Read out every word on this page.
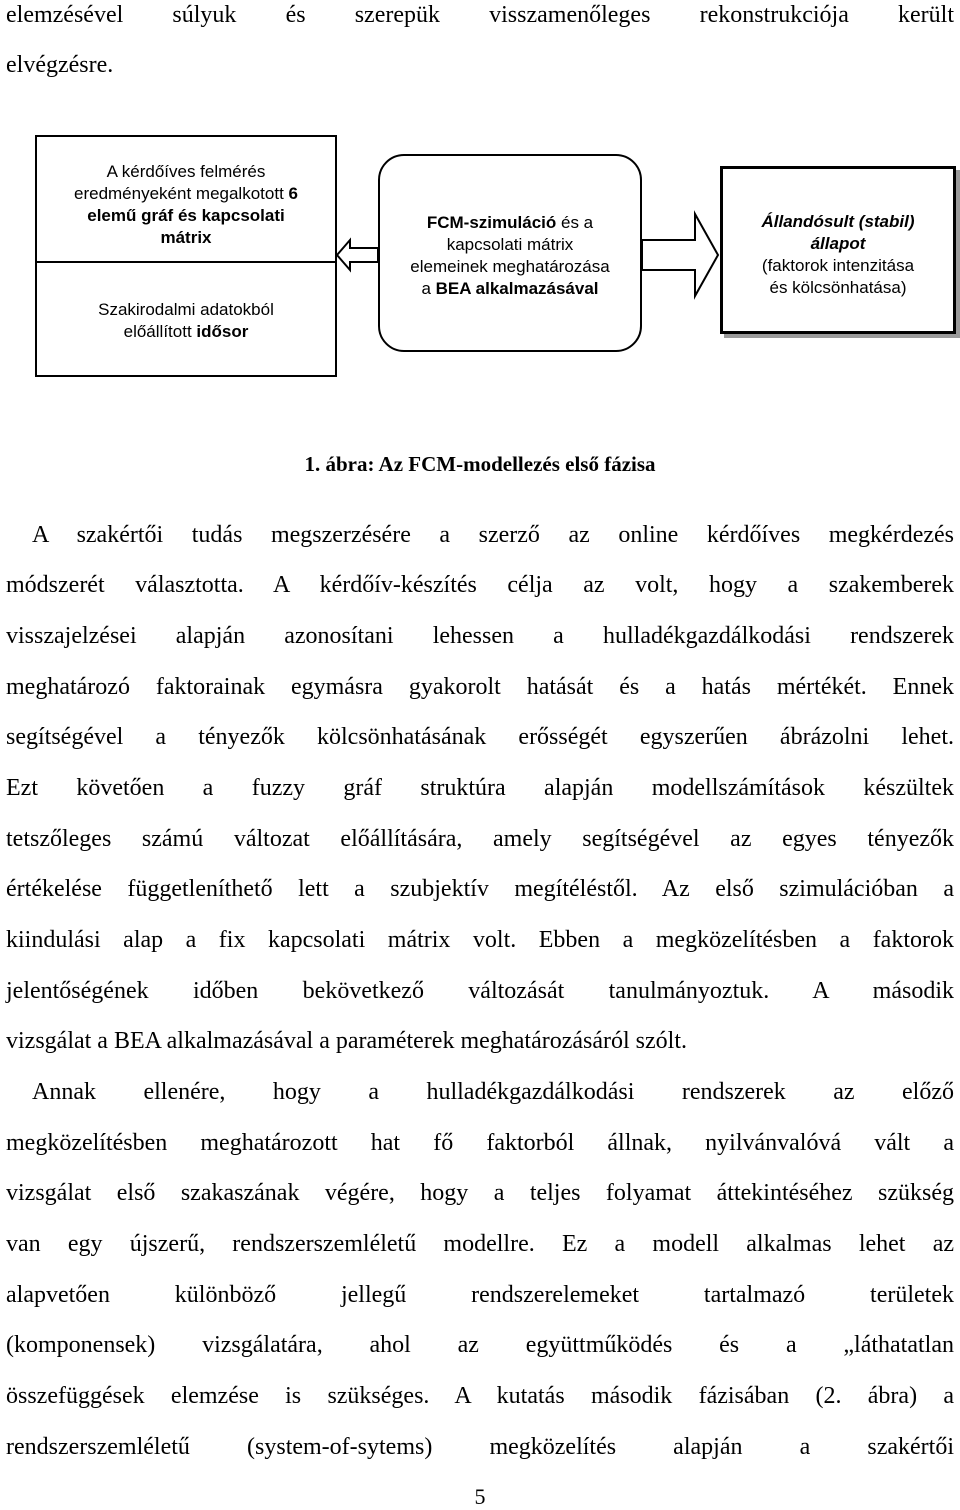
elemzésével súlyuk és szerepük visszamenőleges rekonstrukciója került
elvégzésre.
A kérdőíves felmérés
eredményeként megalkotott 6
elemű gráf és kapcsolati
mátrix
Szakirodalmi adatokból
előállított idősor
FCM-szimuláció és a
kapcsolati mátrix
elemeinek meghatározása
a BEA alkalmazásával
Állandósult (stabil)
állapot
(faktorok intenzitása
és kölcsönhatása)
1. ábra: Az FCM-modellezés első fázisa
A szakértői tudás megszerzésére a szerző az online kérdőíves megkérdezés
módszerét választotta. A kérdőív-készítés célja az volt, hogy a szakemberek
visszajelzései alapján azonosítani lehessen a hulladékgazdálkodási rendszerek
meghatározó faktorainak egymásra gyakorolt hatását és a hatás mértékét. Ennek
segítségével a tényezők kölcsönhatásának erősségét egyszerűen ábrázolni lehet.
Ezt követően a fuzzy gráf struktúra alapján modellszámítások készültek
tetszőleges számú változat előállítására, amely segítségével az egyes tényezők
értékelése függetleníthető lett a szubjektív megítéléstől. Az első szimulációban a
kiindulási alap a fix kapcsolati mátrix volt. Ebben a megközelítésben a faktorok
jelentőségének időben bekövetkező változását tanulmányoztuk. A második
vizsgálat a BEA alkalmazásával a paraméterek meghatározásáról szólt.
Annak ellenére, hogy a hulladékgazdálkodási rendszerek az előző
megközelítésben meghatározott hat fő faktorból állnak, nyilvánvalóvá vált a
vizsgálat első szakaszának végére, hogy a teljes folyamat áttekintéséhez szükség
van egy újszerű, rendszerszemléletű modellre. Ez a modell alkalmas lehet az
alapvetően különböző jellegű rendszerelemeket tartalmazó területek
(komponensek) vizsgálatára, ahol az együttműködés és a „láthatatlan
összefüggések elemzése is szükséges. A kutatás második fázisában (2. ábra) a
rendszerszemléletű (system-of-sytems) megközelítés alapján a szakértői
5
